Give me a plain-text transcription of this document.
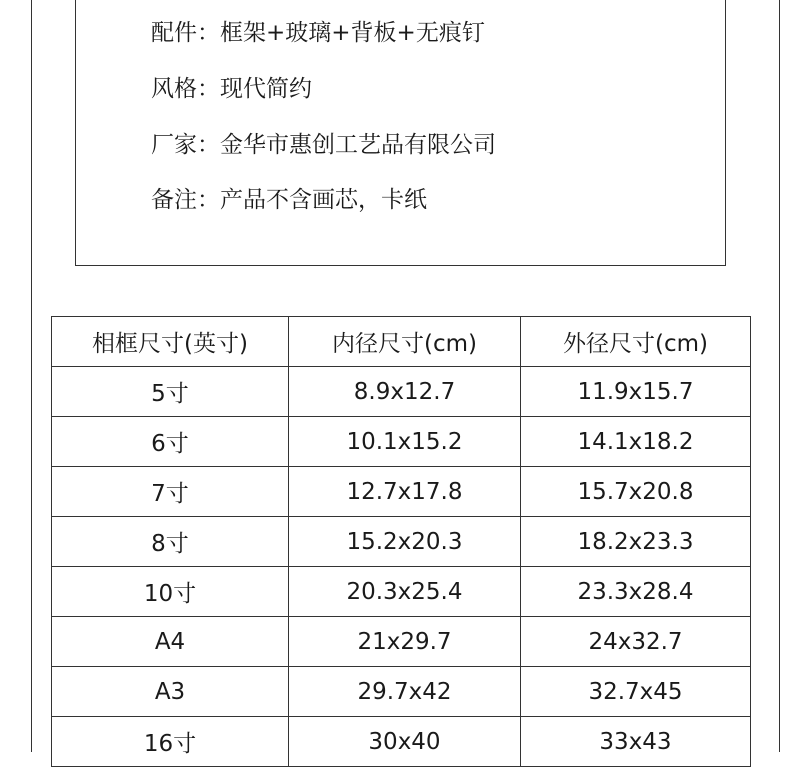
配件：框架+玻璃+背板+无痕钉
风格：现代简约
厂家：金华市惠创工艺品有限公司
备注：产品不含画芯，卡纸
相框尺寸(英寸)	内径尺寸(cm)	外径尺寸(cm)
5寸	8.9x12.7	11.9x15.7
6寸	10.1x15.2	14.1x18.2
7寸	12.7x17.8	15.7x20.8
8寸	15.2x20.3	18.2x23.3
10寸	20.3x25.4	23.3x28.4
A4	21x29.7	24x32.7
A3	29.7x42	32.7x45
16寸	30x40	33x43
